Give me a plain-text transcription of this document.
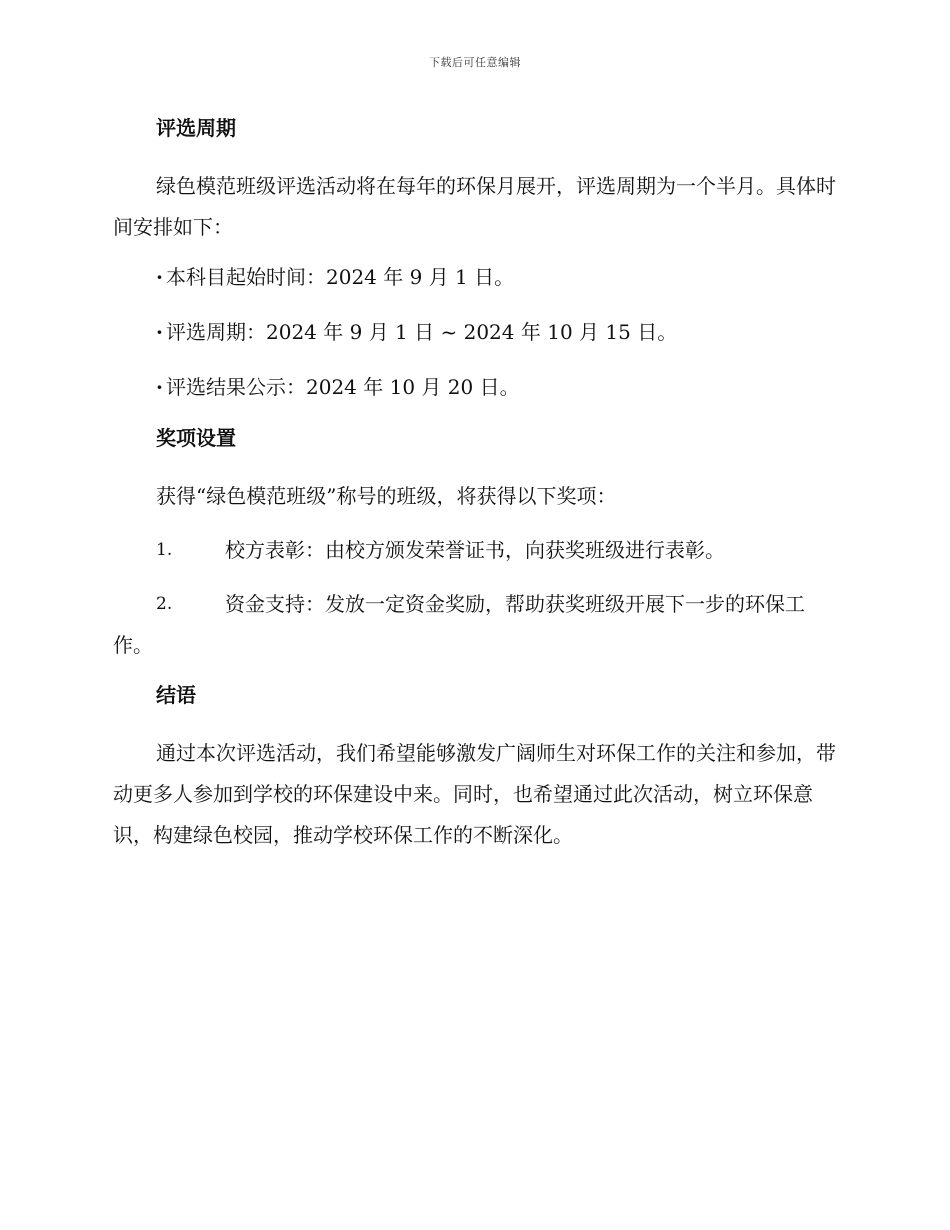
下载后可任意编辑
评选周期
绿色模范班级评选活动将在每年的环保月展开，评选周期为一个半月。具体时间安排如下：
· 本科目起始时间：2024 年 9 月 1 日。
· 评选周期：2024 年 9 月 1 日 ~ 2024 年 10 月 15 日。
· 评选结果公示：2024 年 10 月 20 日。
奖项设置
获得“绿色模范班级”称号的班级，将获得以下奖项：
1.	校方表彰：由校方颁发荣誉证书，向获奖班级进行表彰。
2.	资金支持：发放一定资金奖励，帮助获奖班级开展下一步的环保工作。
结语
通过本次评选活动，我们希望能够激发广阔师生对环保工作的关注和参加，带动更多人参加到学校的环保建设中来。同时，也希望通过此次活动，树立环保意识，构建绿色校园，推动学校环保工作的不断深化。
